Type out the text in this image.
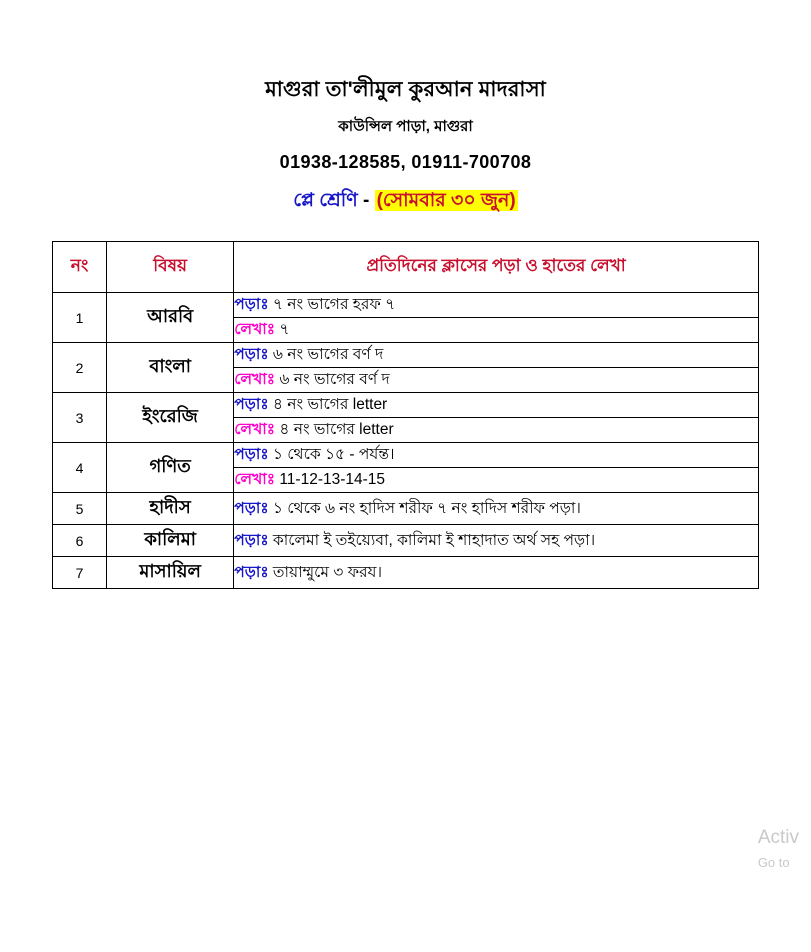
মাগুরা তা'লীমুল কুরআন মাদরাসা
কাউন্সিল পাড়া, মাগুরা
01938-128585, 01911-700708
প্লে শ্রেণি - (সোমবার ৩০ জুন)
নং	বিষয়	প্রতিদিনের ক্লাসের পড়া ও হাতের লেখা
1	আরবি	পড়াঃ ৭ নং ভাগের হরফ ৭
		লেখাঃ ৭
2	বাংলা	পড়াঃ ৬ নং ভাগের বর্ণ দ
		লেখাঃ ৬ নং ভাগের বর্ণ দ
3	ইংরেজি	পড়াঃ ৪ নং ভাগের letter
		লেখাঃ ৪ নং ভাগের letter
4	গণিত	পড়াঃ ১ থেকে ১৫ - পর্যন্ত।
		লেখাঃ 11-12-13-14-15
5	হাদীস	পড়াঃ ১ থেকে ৬ নং হাদিস শরীফ ৭ নং হাদিস শরীফ পড়া।
6	কালিমা	পড়াঃ কালেমা ই তইয়্যেবা, কালিমা ই শাহাদাত অর্থ সহ পড়া।
7	মাসায়িল	পড়াঃ তায়াম্মুমে ৩ ফরয।
Activ
Go to
